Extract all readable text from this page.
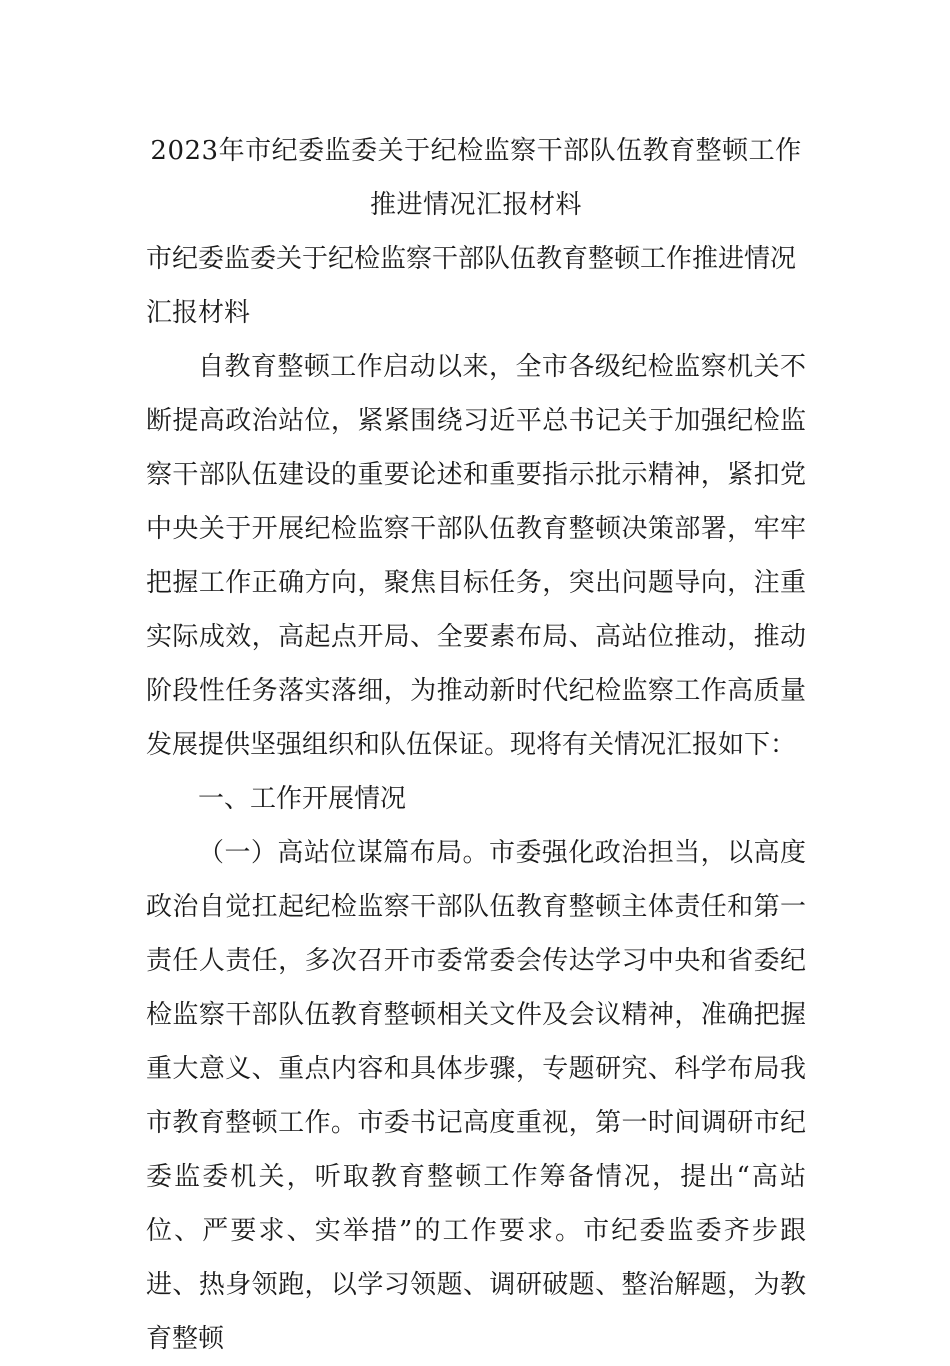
2023年市纪委监委关于纪检监察干部队伍教育整顿工作推进情况汇报材料

市纪委监委关于纪检监察干部队伍教育整顿工作推进情况汇报材料

自教育整顿工作启动以来，全市各级纪检监察机关不断提高政治站位，紧紧围绕习近平总书记关于加强纪检监察干部队伍建设的重要论述和重要指示批示精神，紧扣党中央关于开展纪检监察干部队伍教育整顿决策部署，牢牢把握工作正确方向，聚焦目标任务，突出问题导向，注重实际成效，高起点开局、全要素布局、高站位推动，推动阶段性任务落实落细，为推动新时代纪检监察工作高质量发展提供坚强组织和队伍保证。现将有关情况汇报如下：

一、工作开展情况

（一）高站位谋篇布局。市委强化政治担当，以高度政治自觉扛起纪检监察干部队伍教育整顿主体责任和第一责任人责任，多次召开市委常委会传达学习中央和省委纪检监察干部队伍教育整顿相关文件及会议精神，准确把握重大意义、重点内容和具体步骤，专题研究、科学布局我市教育整顿工作。市委书记高度重视，第一时间调研市纪委监委机关，听取教育整顿工作筹备情况，提出“高站位、严要求、实举措”的工作要求。市纪委监委齐步跟进、热身领跑，以学习领题、调研破题、整治解题，为教育整顿
